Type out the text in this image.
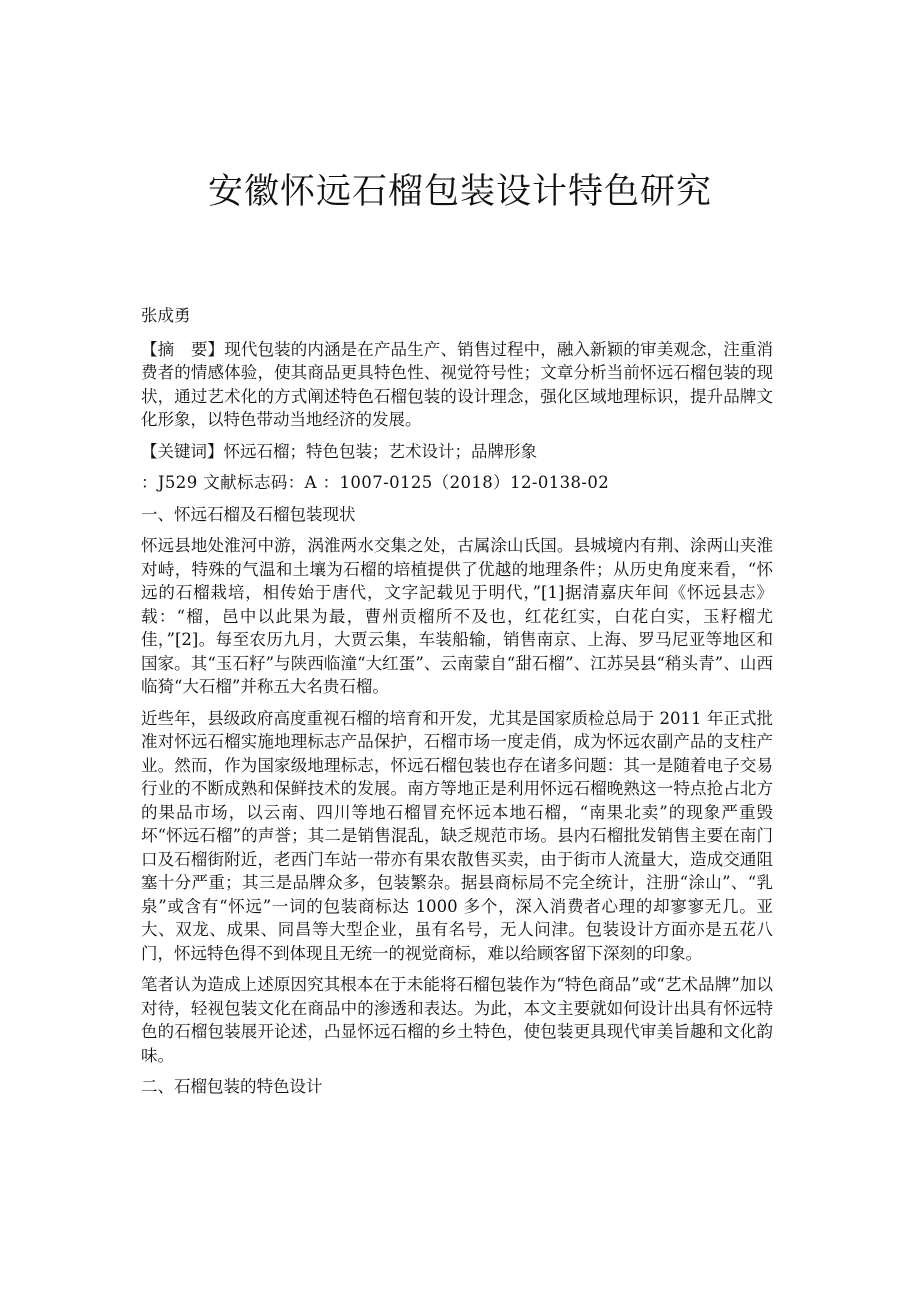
安徽怀远石榴包装设计特色研究

张成勇

【摘　要】现代包装的内涵是在产品生产、销售过程中，融入新颖的审美观念，注重消费者的情感体验，使其商品更具特色性、视觉符号性；文章分析当前怀远石榴包装的现状，通过艺术化的方式阐述特色石榴包装的设计理念，强化区域地理标识，提升品牌文化形象，以特色带动当地经济的发展。

【关键词】怀远石榴；特色包装；艺术设计；品牌形象

：J529 文献标志码：A ：1007-0125（2018）12-0138-02

一、怀远石榴及石榴包装现状

怀远县地处淮河中游，涡淮两水交集之处，古属涂山氏国。县城境内有荆、涂两山夹淮对峙，特殊的气温和土壤为石榴的培植提供了优越的地理条件；从历史角度来看，“怀远的石榴栽培，相传始于唐代，文字記载见于明代，”[1]据清嘉庆年间《怀远县志》载：“榴，邑中以此果为最，曹州贡榴所不及也，红花红实，白花白实，玉籽榴尤佳，”[2]。每至农历九月，大贾云集，车装船输，销售南京、上海、罗马尼亚等地区和国家。其“玉石籽”与陕西临潼“大红蛋”、云南蒙自“甜石榴”、江苏吴县“稍头青”、山西临猗“大石榴”并称五大名贵石榴。

近些年，县级政府高度重视石榴的培育和开发，尤其是国家质检总局于 2011 年正式批准对怀远石榴实施地理标志产品保护，石榴市场一度走俏，成为怀远农副产品的支柱产业。然而，作为国家级地理标志，怀远石榴包装也存在诸多问题：其一是随着电子交易行业的不断成熟和保鲜技术的发展。南方等地正是利用怀远石榴晚熟这一特点抢占北方的果品市场，以云南、四川等地石榴冒充怀远本地石榴，“南果北卖”的现象严重毁坏“怀远石榴”的声誉；其二是销售混乱，缺乏规范市场。县内石榴批发销售主要在南门口及石榴街附近，老西门车站一带亦有果农散售买卖，由于街市人流量大，造成交通阻塞十分严重；其三是品牌众多，包装繁杂。据县商标局不完全统计，注册“涂山”、“乳泉”或含有“怀远”一词的包装商标达 1000 多个，深入消费者心理的却寥寥无几。亚大、双龙、成果、同昌等大型企业，虽有名号，无人问津。包装设计方面亦是五花八门，怀远特色得不到体现且无统一的视觉商标，难以给顾客留下深刻的印象。

笔者认为造成上述原因究其根本在于未能将石榴包装作为“特色商品”或“艺术品牌”加以对待，轻视包装文化在商品中的渗透和表达。为此，本文主要就如何设计出具有怀远特色的石榴包装展开论述，凸显怀远石榴的乡土特色，使包装更具现代审美旨趣和文化韵味。

二、石榴包装的特色设计
